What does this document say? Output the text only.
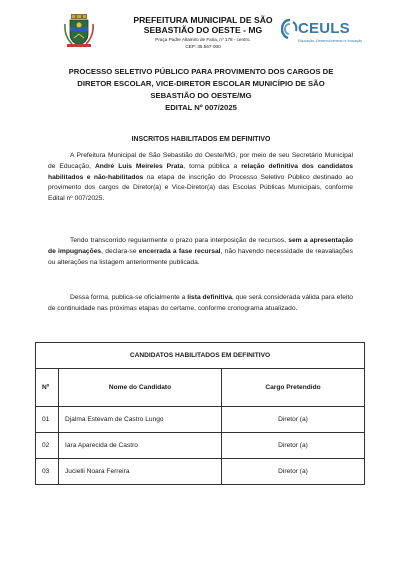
PREFEITURA MUNICIPAL DE SÃO
SEBASTIÃO DO OESTE - MG
Praça Padre Altamiro de Faria, nº 178 - centro.
CEP: 35.567-000
CEULS
Educação, Desenvolvimento e Inovação
PROCESSO SELETIVO PÚBLICO PARA PROVIMENTO DOS CARGOS DE
DIRETOR ESCOLAR, VICE-DIRETOR ESCOLAR MUNICÍPIO DE SÃO
SEBASTIÃO DO OESTE/MG
EDITAL Nº 007/2025
INSCRITOS HABILITADOS EM DEFINITIVO

A Prefeitura Municipal de São Sebastião do Oeste/MG, por meio de seu Secretário Municipal de Educação, André Luis Meireles Prata, torna pública a relação definitiva dos candidatos habilitados e não-habilitados na etapa de inscrição do Processo Seletivo Público destinado ao provimento dos cargos de Diretor(a) e Vice-Diretor(a) das Escolas Públicas Municipais, conforme Edital nº 007/2025.

Tendo transcorrido regularmente o prazo para interposição de recursos, sem a apresentação de impugnações, declara-se encerrada a fase recursal, não havendo necessidade de reavaliações ou alterações na listagem anteriormente publicada.

Dessa forma, publica-se oficialmente a lista definitiva, que será considerada válida para efeito de continuidade nas próximas etapas do certame, conforme cronograma atualizado.

CANDIDATOS HABILITADOS EM DEFINITIVO		
Nº	Nome do Candidato	Cargo Pretendido
01	Djalma Estevam de Castro Lungo	Diretor (a)
02	Iara Aparecida de Castro	Diretor (a)
03	Jucielli Noara Ferreira	Diretor (a)
